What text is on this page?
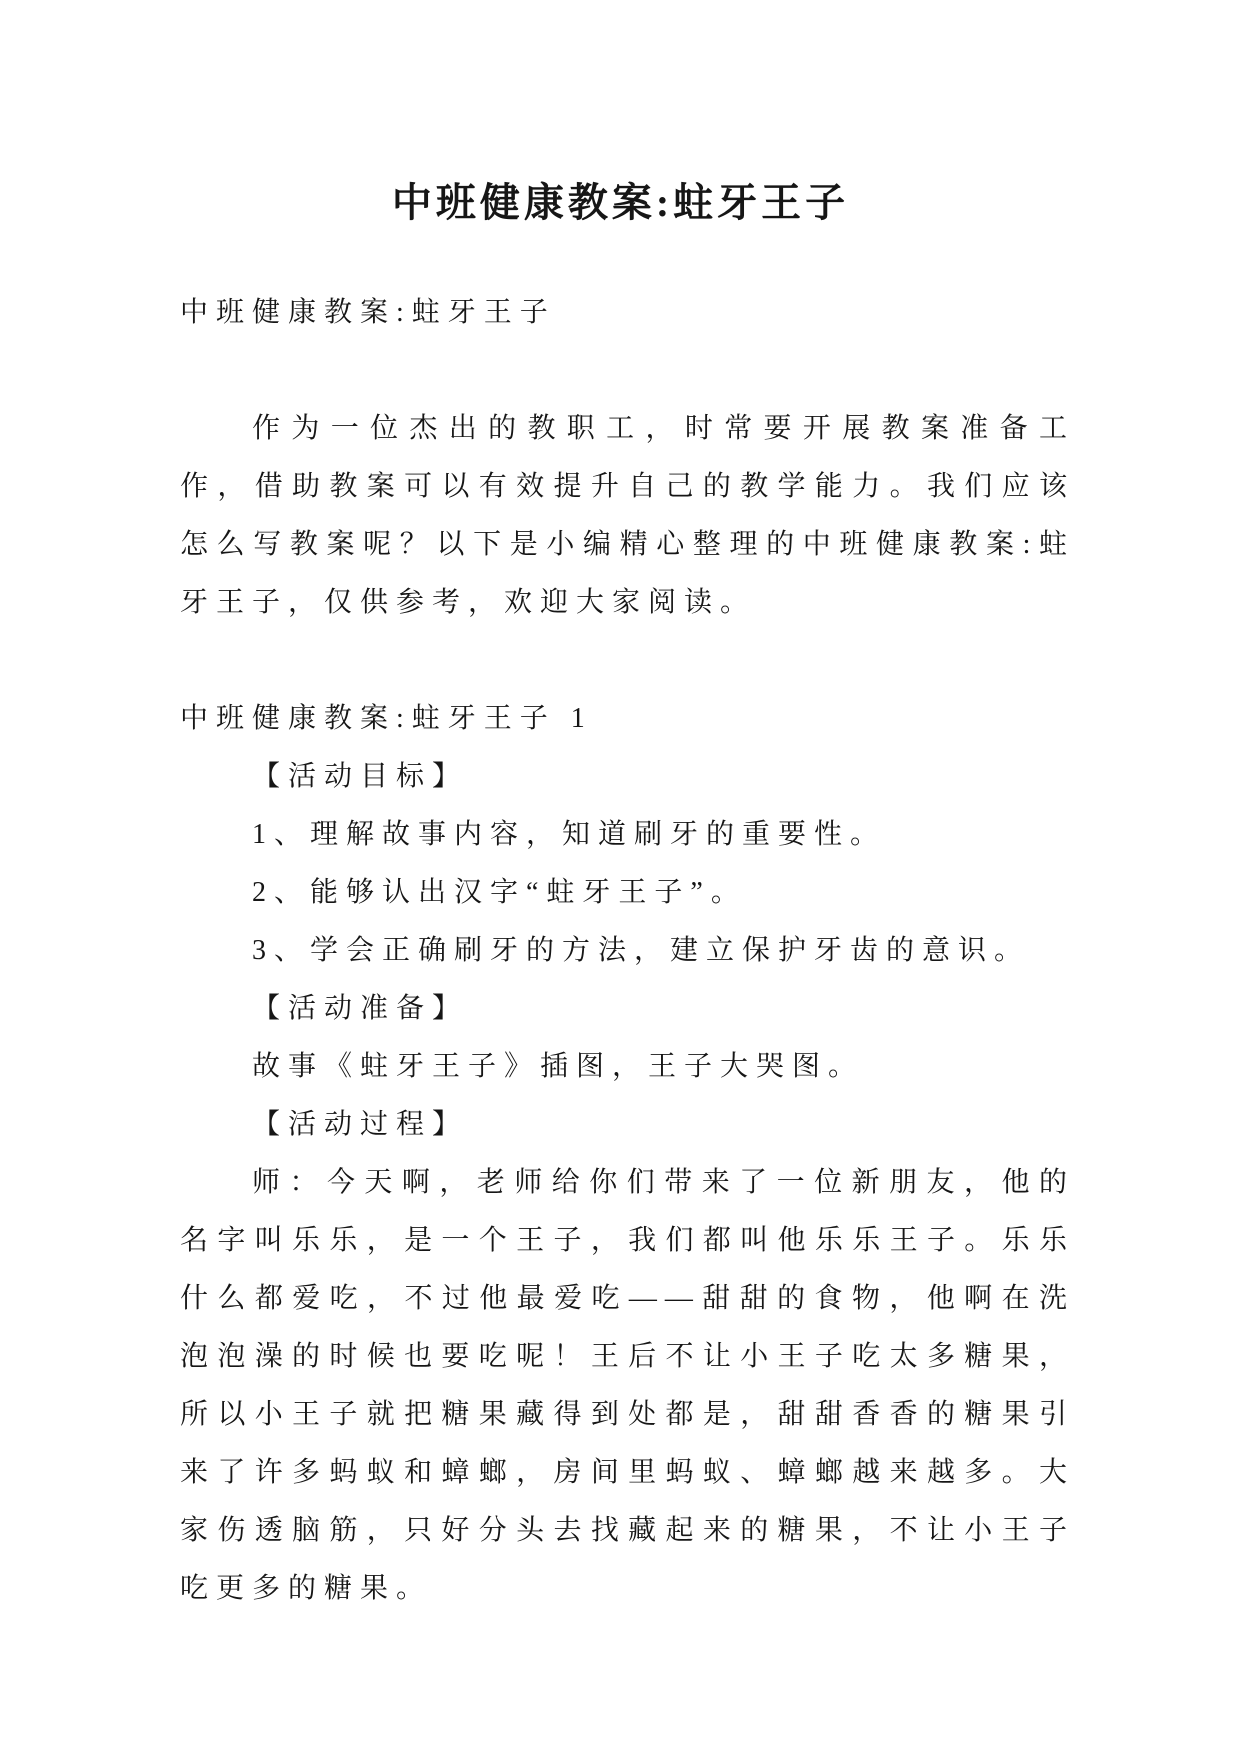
中班健康教案:蛀牙王子
中班健康教案:蛀牙王子

作为一位杰出的教职工，时常要开展教案准备工作，借助教案可以有效提升自己的教学能力。我们应该怎么写教案呢？以下是小编精心整理的中班健康教案:蛀牙王子，仅供参考，欢迎大家阅读。

中班健康教案:蛀牙王子 1
【活动目标】
1、理解故事内容，知道刷牙的重要性。
2、能够认出汉字“蛀牙王子”。
3、学会正确刷牙的方法，建立保护牙齿的意识。
【活动准备】
故事《蛀牙王子》插图，王子大哭图。
【活动过程】

师：今天啊，老师给你们带来了一位新朋友，他的名字叫乐乐，是一个王子，我们都叫他乐乐王子。乐乐什么都爱吃，不过他最爱吃——甜甜的食物，他啊在洗泡泡澡的时候也要吃呢！王后不让小王子吃太多糖果，所以小王子就把糖果藏得到处都是，甜甜香香的糖果引来了许多蚂蚁和蟑螂，房间里蚂蚁、蟑螂越来越多。大家伤透脑筋，只好分头去找藏起来的糖果，不让小王子吃更多的糖果。
